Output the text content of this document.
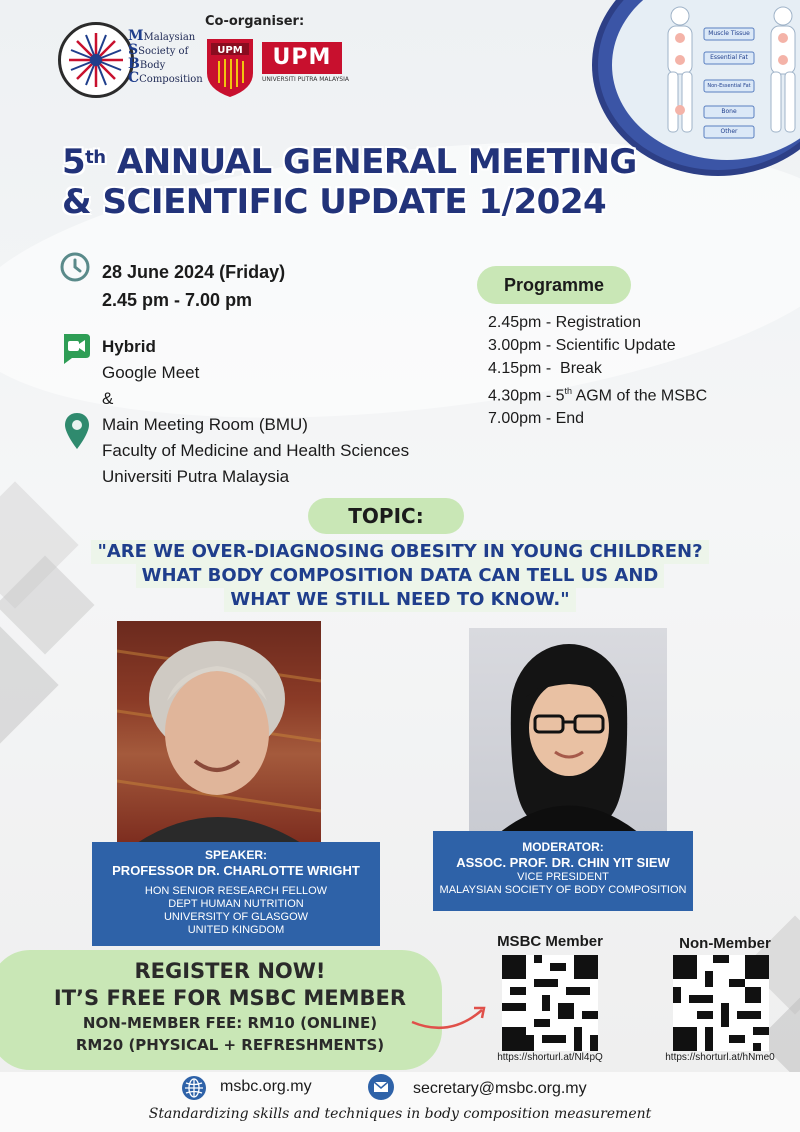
MMalaysian
SSociety of
BBody
CComposition
Co-organiser:
UPM	UPM
UNIVERSITI PUTRA MALAYSIA
Muscle Tissue
Essential Fat
Non-Essential Fat
Bone
Other
5th ANNUAL GENERAL MEETING
& SCIENTIFIC UPDATE 1/2024
28 June 2024 (Friday)
2.45 pm - 7.00 pm
Hybrid
Google Meet
&
Main Meeting Room (BMU)
Faculty of Medicine and Health Sciences
Universiti Putra Malaysia
Programme
2.45pm - Registration
3.00pm - Scientific Update
4.15pm -  Break
4.30pm - 5th AGM of the MSBC
7.00pm - End
TOPIC:
"ARE WE OVER-DIAGNOSING OBESITY IN YOUNG CHILDREN?
WHAT BODY COMPOSITION DATA CAN TELL US AND
WHAT WE STILL NEED TO KNOW."
SPEAKER:
PROFESSOR DR. CHARLOTTE WRIGHT
HON SENIOR RESEARCH FELLOW
DEPT HUMAN NUTRITION
UNIVERSITY OF GLASGOW
UNITED KINGDOM
MODERATOR:
ASSOC. PROF. DR. CHIN YIT SIEW
VICE PRESIDENT
MALAYSIAN SOCIETY OF BODY COMPOSITION
REGISTER NOW!
IT’S FREE FOR MSBC MEMBER
NON-MEMBER FEE: RM10 (ONLINE)
RM20 (PHYSICAL + REFRESHMENTS)
MSBC Member
https://shorturl.at/Nl4pQ
Non-Member
https://shorturl.at/hNme0
msbc.org.my	secretary@msbc.org.my
Standardizing skills and techniques in body composition measurement
